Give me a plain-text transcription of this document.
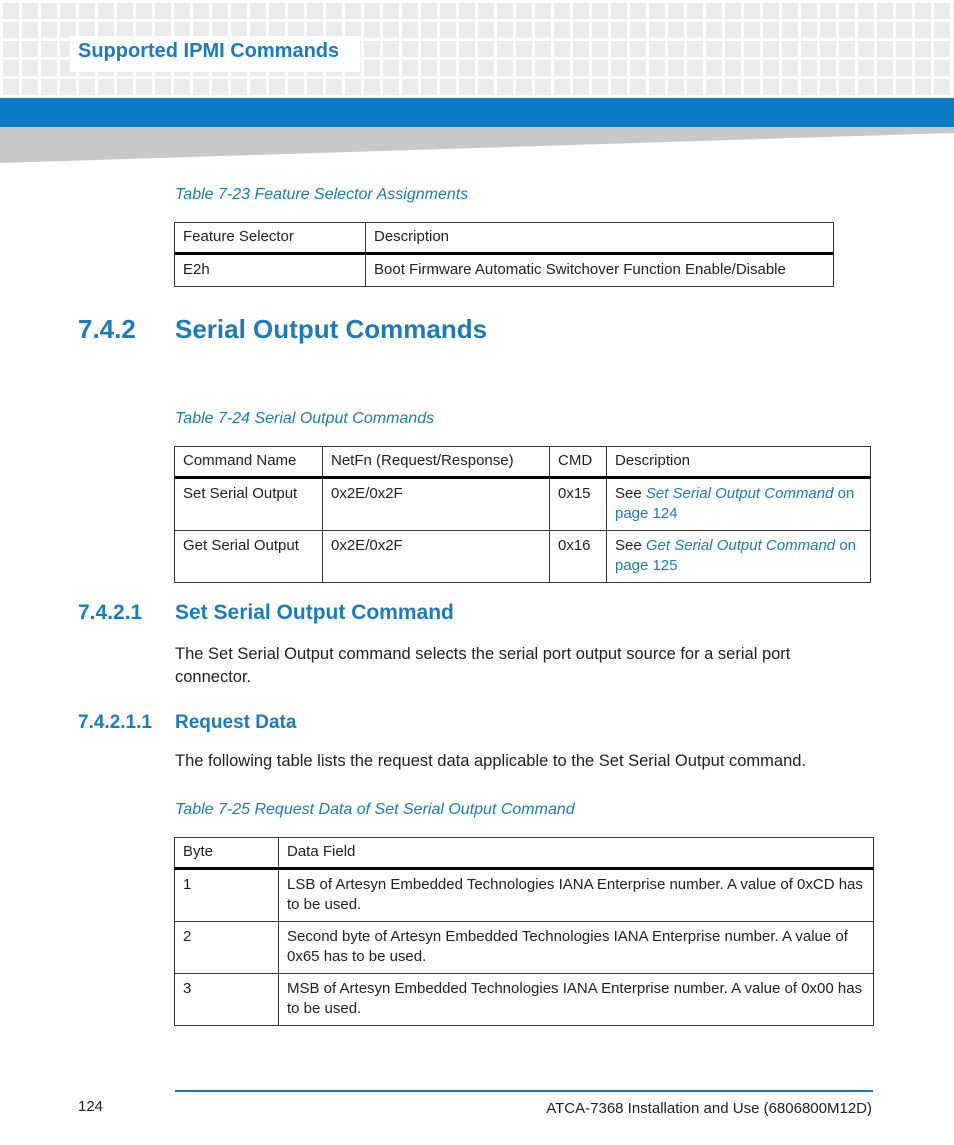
Supported IPMI Commands
Table 7-23 Feature Selector Assignments
Feature Selector	Description
E2h	Boot Firmware Automatic Switchover Function Enable/Disable
7.4.2 Serial Output Commands
Table 7-24 Serial Output Commands
Command Name	NetFn (Request/Response)	CMD	Description
Set Serial Output	0x2E/0x2F	0x15	See Set Serial Output Command on
page 124
Get Serial Output	0x2E/0x2F	0x16	See Get Serial Output Command on
page 125
7.4.2.1 Set Serial Output Command
The Set Serial Output command selects the serial port output source for a serial port
connector.
7.4.2.1.1 Request Data
The following table lists the request data applicable to the Set Serial Output command.
Table 7-25 Request Data of Set Serial Output Command
Byte	Data Field
1	LSB of Artesyn Embedded Technologies IANA Enterprise number. A value of 0xCD has
to be used.
2	Second byte of Artesyn Embedded Technologies IANA Enterprise number. A value of
0x65 has to be used.
3	MSB of Artesyn Embedded Technologies IANA Enterprise number. A value of 0x00 has
to be used.
124	ATCA-7368 Installation and Use (6806800M12D)
